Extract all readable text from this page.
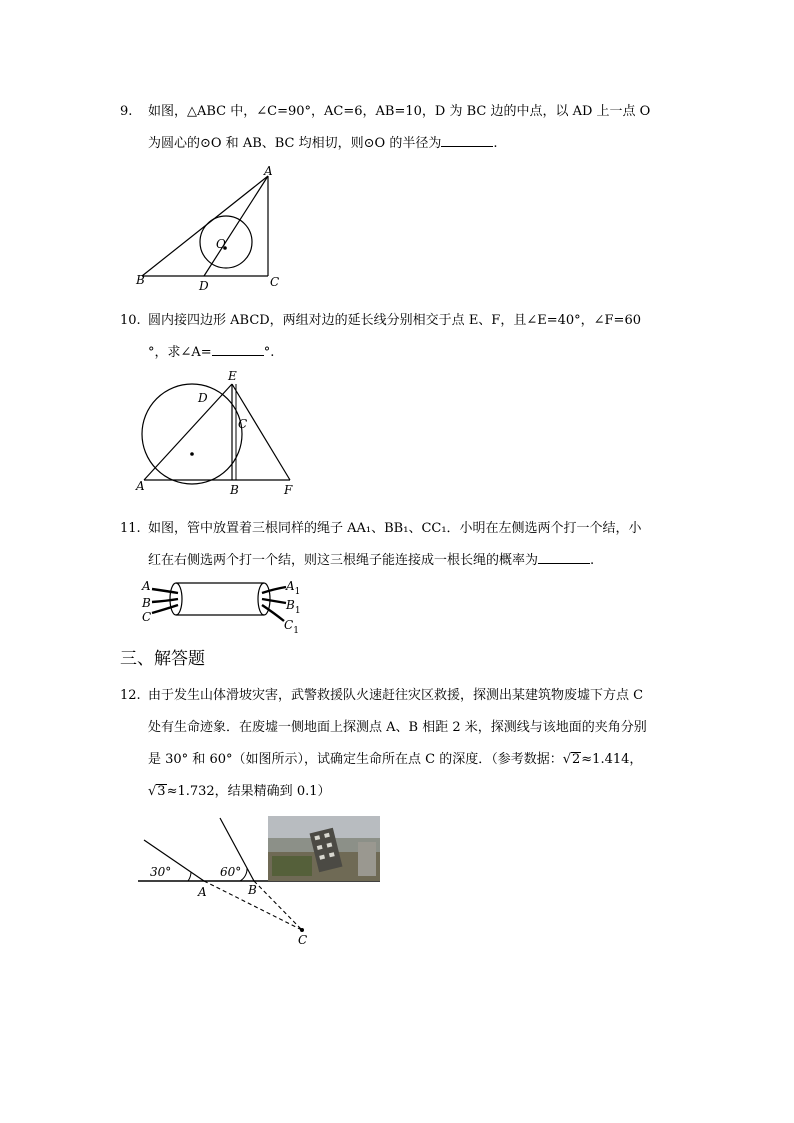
9. 如图，△ABC 中，∠C=90°，AC=6，AB=10，D 为 BC 边的中点，以 AD 上一点 O
为圆心的⊙O 和 AB、BC 均相切，则⊙O 的半径为	.
A
B	C
D
O
10. 圆内接四边形 ABCD，两组对边的延长线分别相交于点 E、F，且∠E=40°，∠F=60
°，求∠A=	°.
E
D
C
A	B	F
11. 如图，管中放置着三根同样的绳子 AA₁、BB₁、CC₁．小明在左侧选两个打一个结，小
红在右侧选两个打一个结，则这三根绳子能连接成一根长绳的概率为	.
A
B
C
$A_1$
$B_1$
$C_1$
三、解答题
12. 由于发生山体滑坡灾害，武警救援队火速赶往灾区救援，探测出某建筑物废墟下方点 C
处有生命迹象．在废墟一侧地面上探测点 A、B 相距 2 米，探测线与该地面的夹角分别
是 30° 和 60°（如图所示），试确定生命所在点 C 的深度．（参考数据：√2≈1.414，
√3≈1.732，结果精确到 0.1）
30°	60°
A	B
C
